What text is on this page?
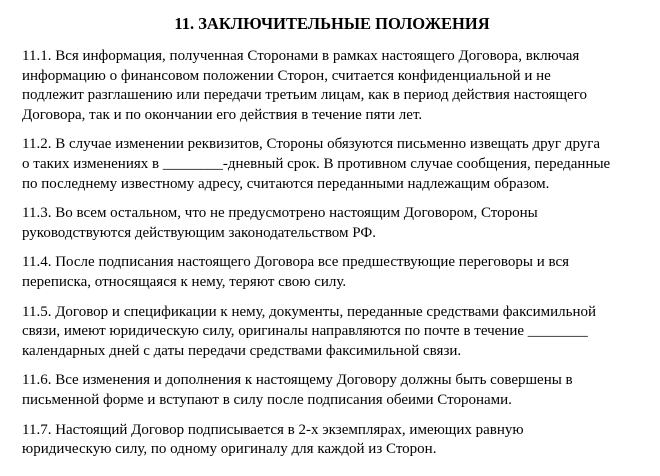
11. ЗАКЛЮЧИТЕЛЬНЫЕ ПОЛОЖЕНИЯ
11.1. Вся информация, полученная Сторонами в рамках настоящего Договора, включая
информацию о финансовом положении Сторон, считается конфиденциальной и не
подлежит разглашению или передачи третьим лицам, как в период действия настоящего
Договора, так и по окончании его действия в течение пяти лет.
11.2. В случае изменении реквизитов, Стороны обязуются письменно извещать друг друга
о таких изменениях в ________-дневный срок. В противном случае сообщения, переданные
по последнему известному адресу, считаются переданными надлежащим образом.
11.3. Во всем остальном, что не предусмотрено настоящим Договором, Стороны
руководствуются действующим законодательством РФ.
11.4. После подписания настоящего Договора все предшествующие переговоры и вся
переписка, относящаяся к нему, теряют свою силу.
11.5. Договор и спецификации к нему, документы, переданные средствами факсимильной
связи, имеют юридическую силу, оригиналы направляются по почте в течение ________
календарных дней с даты передачи средствами факсимильной связи.
11.6. Все изменения и дополнения к настоящему Договору должны быть совершены в
письменной форме и вступают в силу после подписания обеими Сторонами.
11.7. Настоящий Договор подписывается в 2-х экземплярах, имеющих равную
юридическую силу, по одному оригиналу для каждой из Сторон.
